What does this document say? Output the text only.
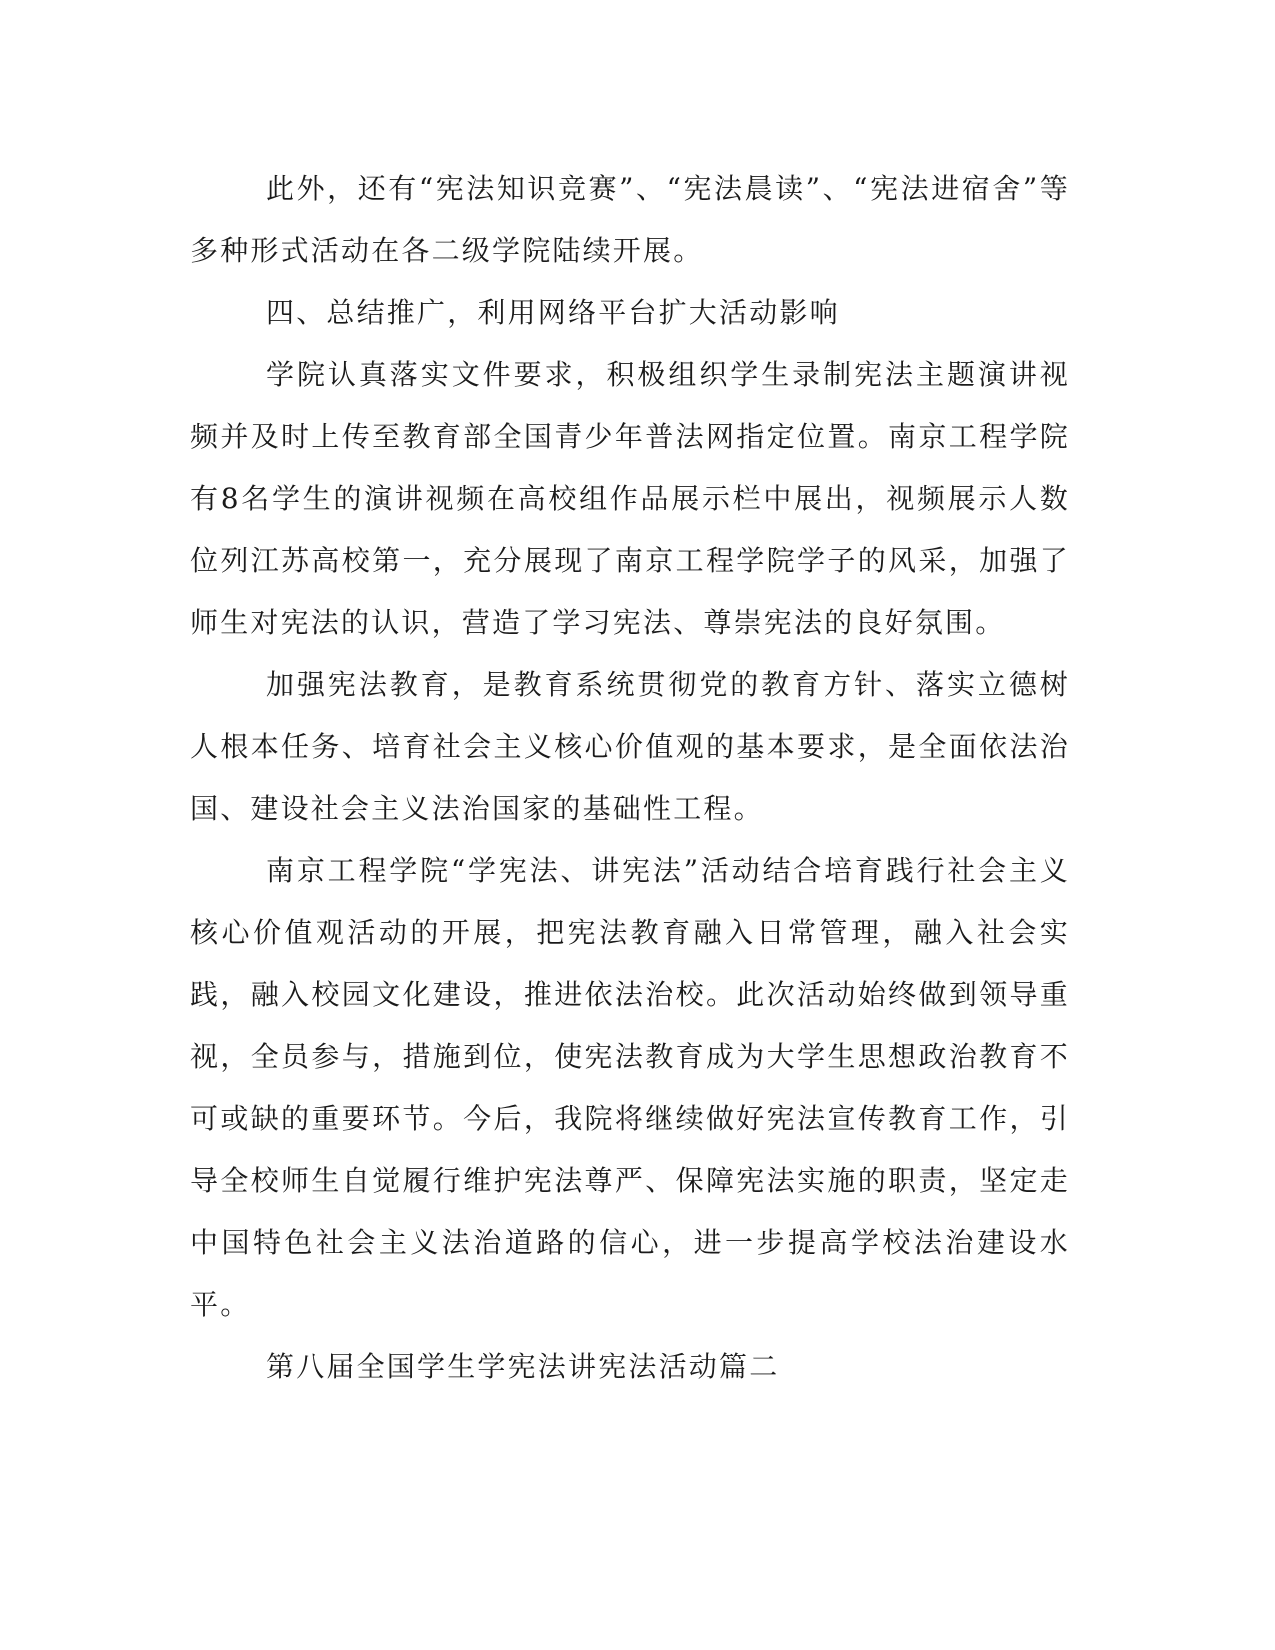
此外，还有“宪法知识竞赛”、“宪法晨读”、“宪法进宿舍”等多种形式活动在各二级学院陆续开展。

四、总结推广，利用网络平台扩大活动影响

学院认真落实文件要求，积极组织学生录制宪法主题演讲视频并及时上传至教育部全国青少年普法网指定位置。南京工程学院有8名学生的演讲视频在高校组作品展示栏中展出，视频展示人数位列江苏高校第一，充分展现了南京工程学院学子的风采，加强了师生对宪法的认识，营造了学习宪法、尊崇宪法的良好氛围。

加强宪法教育，是教育系统贯彻党的教育方针、落实立德树人根本任务、培育社会主义核心价值观的基本要求，是全面依法治国、建设社会主义法治国家的基础性工程。

南京工程学院“学宪法、讲宪法”活动结合培育践行社会主义核心价值观活动的开展，把宪法教育融入日常管理，融入社会实践，融入校园文化建设，推进依法治校。此次活动始终做到领导重视，全员参与，措施到位，使宪法教育成为大学生思想政治教育不可或缺的重要环节。今后，我院将继续做好宪法宣传教育工作，引导全校师生自觉履行维护宪法尊严、保障宪法实施的职责，坚定走中国特色社会主义法治道路的信心，进一步提高学校法治建设水平。

第八届全国学生学宪法讲宪法活动篇二
